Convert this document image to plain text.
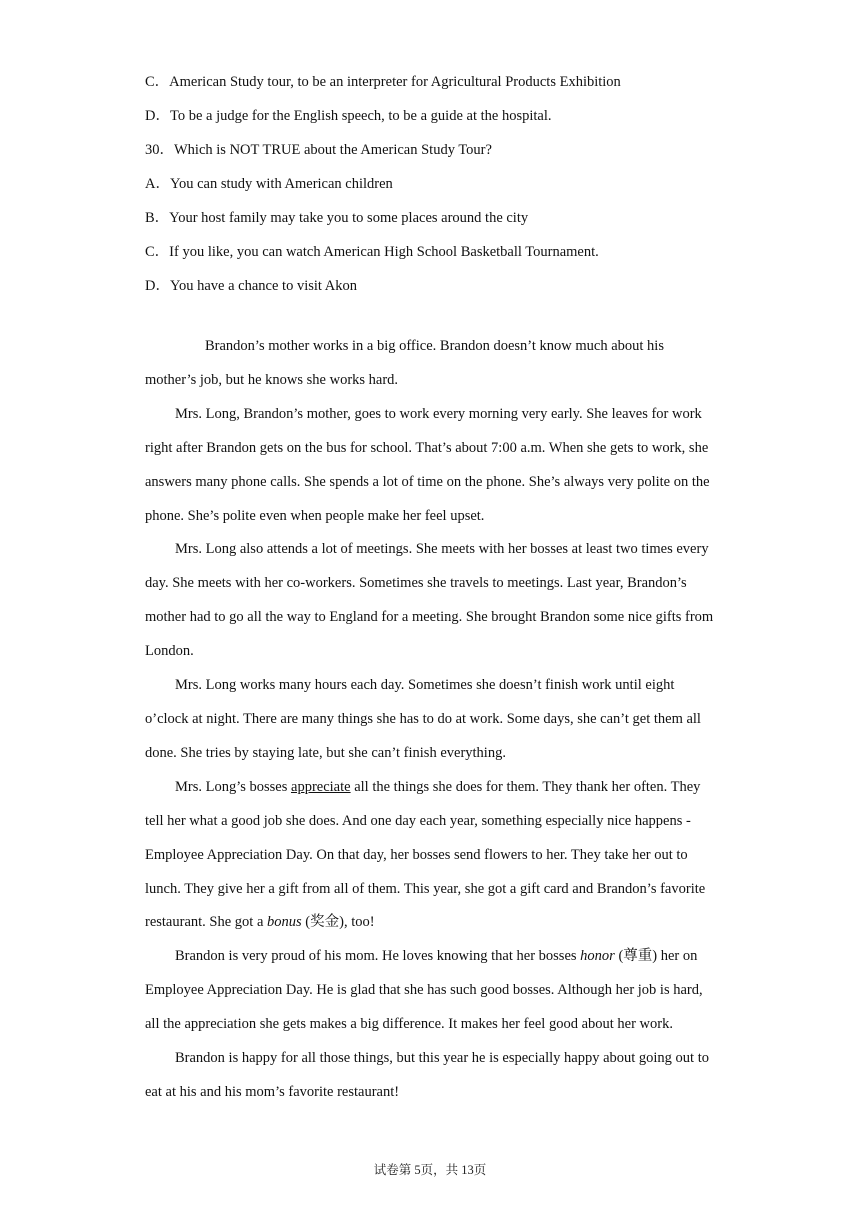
C．American Study tour, to be an interpreter for Agricultural Products Exhibition
D．To be a judge for the English speech, to be a guide at the hospital.
30．Which is NOT TRUE about the American Study Tour?
A．You can study with American children
B．Your host family may take you to some places around the city
C．If you like, you can watch American High School Basketball Tournament.
D．You have a chance to visit Akon

Brandon’s mother works in a big office. Brandon doesn’t know much about his mother’s job, but he knows she works hard.

Mrs. Long, Brandon’s mother, goes to work every morning very early. She leaves for work right after Brandon gets on the bus for school. That’s about 7:00 a.m. When she gets to work, she answers many phone calls. She spends a lot of time on the phone. She’s always very polite on the phone. She’s polite even when people make her feel upset.

Mrs. Long also attends a lot of meetings. She meets with her bosses at least two times every day. She meets with her co-workers. Sometimes she travels to meetings. Last year, Brandon’s mother had to go all the way to England for a meeting. She brought Brandon some nice gifts from London.

Mrs. Long works many hours each day. Sometimes she doesn’t finish work until eight o’clock at night. There are many things she has to do at work. Some days, she can’t get them all done. She tries by staying late, but she can’t finish everything.

Mrs. Long’s bosses appreciate all the things she does for them. They thank her often. They tell her what a good job she does. And one day each year, something especially nice happens - Employee Appreciation Day. On that day, her bosses send flowers to her. They take her out to lunch. They give her a gift from all of them. This year, she got a gift card and Brandon’s favorite restaurant. She got a bonus (奖金), too!

Brandon is very proud of his mom. He loves knowing that her bosses honor (尊重) her on Employee Appreciation Day. He is glad that she has such good bosses. Although her job is hard, all the appreciation she gets makes a big difference. It makes her feel good about her work.

Brandon is happy for all those things, but this year he is especially happy about going out to eat at his and his mom’s favorite restaurant!

试卷第 5页，共 13页
